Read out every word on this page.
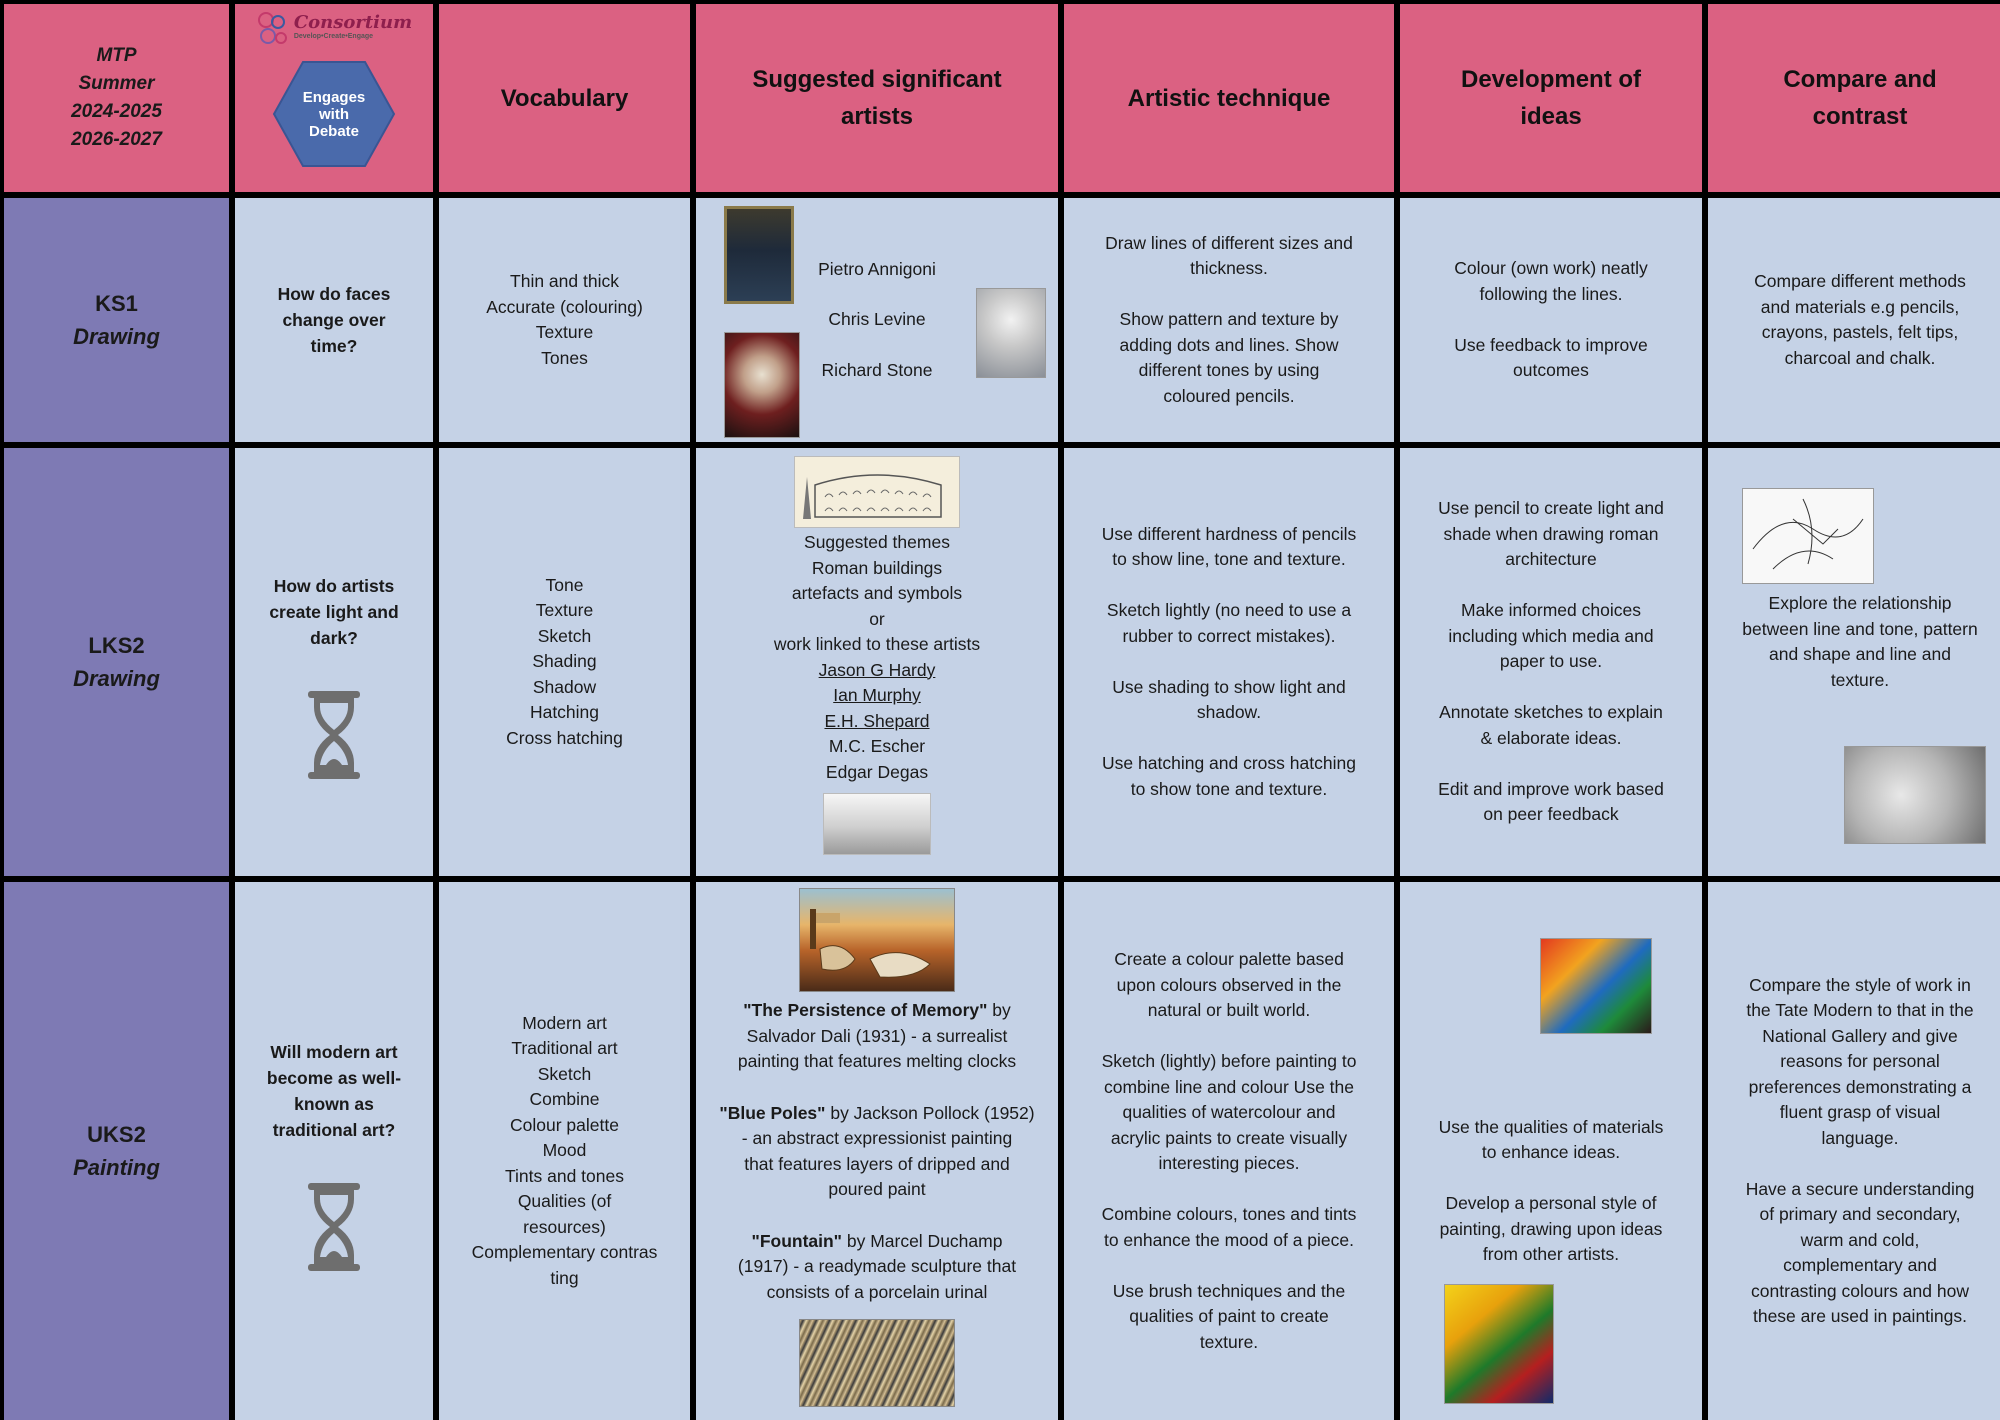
MTP
Summer
2024-2025
2026-2027
Consortium
Develop•Create•Engage
Engages
with
Debate
Vocabulary
Suggested significant
artists
Artistic technique
Development of
ideas
Compare and
contrast
KS1
Drawing
How do faces
change over
time?
Thin and thick
Accurate (colouring)
Texture
Tones
Pietro Annigoni
Chris Levine
Richard Stone
Draw lines of different sizes and
thickness.

Show pattern and texture by
adding dots and lines. Show
different tones by using
coloured pencils.
Colour (own work) neatly
following the lines.

Use feedback to improve
outcomes
Compare different methods
and materials e.g pencils,
crayons, pastels, felt tips,
charcoal and chalk.
LKS2
Drawing
How do artists
create light and
dark?
Tone
Texture
Sketch
Shading
Shadow
Hatching
Cross hatching
Suggested themes
Roman buildings
artefacts and symbols
or
work linked to these artists
Jason G Hardy
Ian Murphy
E.H. Shepard
M.C. Escher
Edgar Degas
Use different hardness of pencils
to show line, tone and texture.

Sketch lightly (no need to use a
rubber to correct mistakes).

Use shading to show light and
shadow.

Use hatching and cross hatching
to show tone and texture.
Use pencil to create light and
shade when drawing roman
architecture

Make informed choices
including which media and
paper to use.

Annotate sketches to explain
& elaborate ideas.

Edit and improve work based
on peer feedback
Explore the relationship
between line and tone, pattern
and shape and line and
texture.
UKS2
Painting
Will modern art
become as well-
known as
traditional art?
Modern art
Traditional art
Sketch
Combine
Colour palette
Mood
Tints and tones
Qualities (of
resources)
Complementary contras
ting
"The Persistence of Memory" by
Salvador Dali (1931) - a surrealist
painting that features melting clocks
"Blue Poles" by Jackson Pollock (1952)
- an abstract expressionist painting
that features layers of dripped and
poured paint
"Fountain" by Marcel Duchamp
(1917) - a readymade sculpture that
consists of a porcelain urinal
Create a colour palette based
upon colours observed in the
natural or built world.

Sketch (lightly) before painting to
combine line and colour Use the
qualities of watercolour and
acrylic paints to create visually
interesting pieces.

Combine colours, tones and tints
to enhance the mood of a piece.

Use brush techniques and the
qualities of paint to create
texture.
Use the qualities of materials
to enhance ideas.

Develop a personal style of
painting, drawing upon ideas
from other artists.
Compare the style of work in
the Tate Modern to that in the
National Gallery and give
reasons for personal
preferences demonstrating a
fluent grasp of visual
language.

Have a secure understanding
of primary and secondary,
warm and cold,
complementary and
contrasting colours and how
these are used in paintings.
